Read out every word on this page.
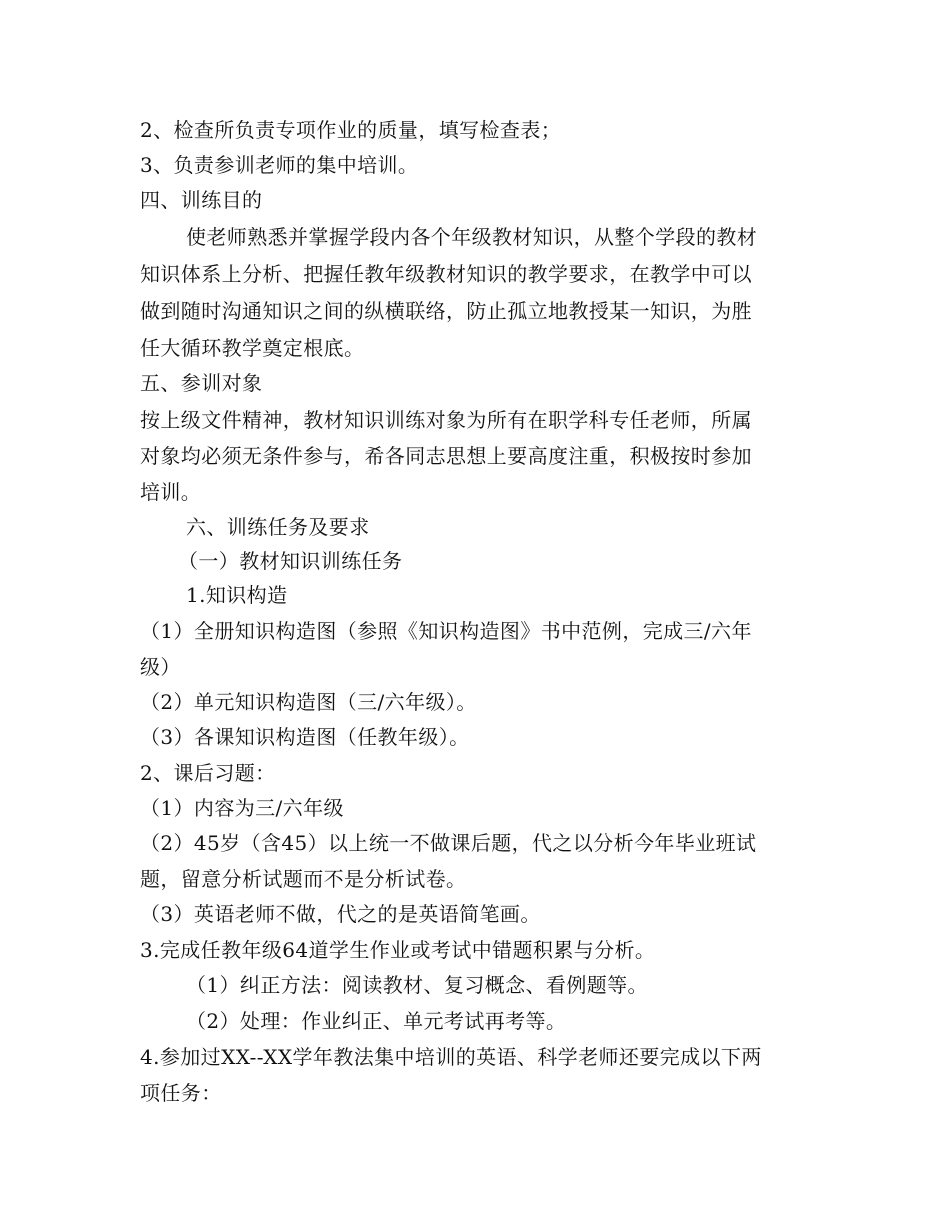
2、检查所负责专项作业的质量，填写检查表；
3、负责参训老师的集中培训。
四、训练目的
使老师熟悉并掌握学段内各个年级教材知识，从整个学段的教材
知识体系上分析、把握任教年级教材知识的教学要求，在教学中可以
做到随时沟通知识之间的纵横联络，防止孤立地教授某一知识，为胜
任大循环教学奠定根底。
五、参训对象
按上级文件精神，教材知识训练对象为所有在职学科专任老师，所属
对象均必须无条件参与，希各同志思想上要高度注重，积极按时参加
培训。
六、训练任务及要求
（一）教材知识训练任务
1.知识构造
（1）全册知识构造图（参照《知识构造图》书中范例，完成三/六年
级）
（2）单元知识构造图（三/六年级）。
（3）各课知识构造图（任教年级）。
2、课后习题：
（1）内容为三/六年级
（2）45岁（含45）以上统一不做课后题，代之以分析今年毕业班试
题，留意分析试题而不是分析试卷。
（3）英语老师不做，代之的是英语简笔画。
3.完成任教年级64道学生作业或考试中错题积累与分析。
（1）纠正方法：阅读教材、复习概念、看例题等。
（2）处理：作业纠正、单元考试再考等。
4.参加过XX--XX学年教法集中培训的英语、科学老师还要完成以下两
项任务：
